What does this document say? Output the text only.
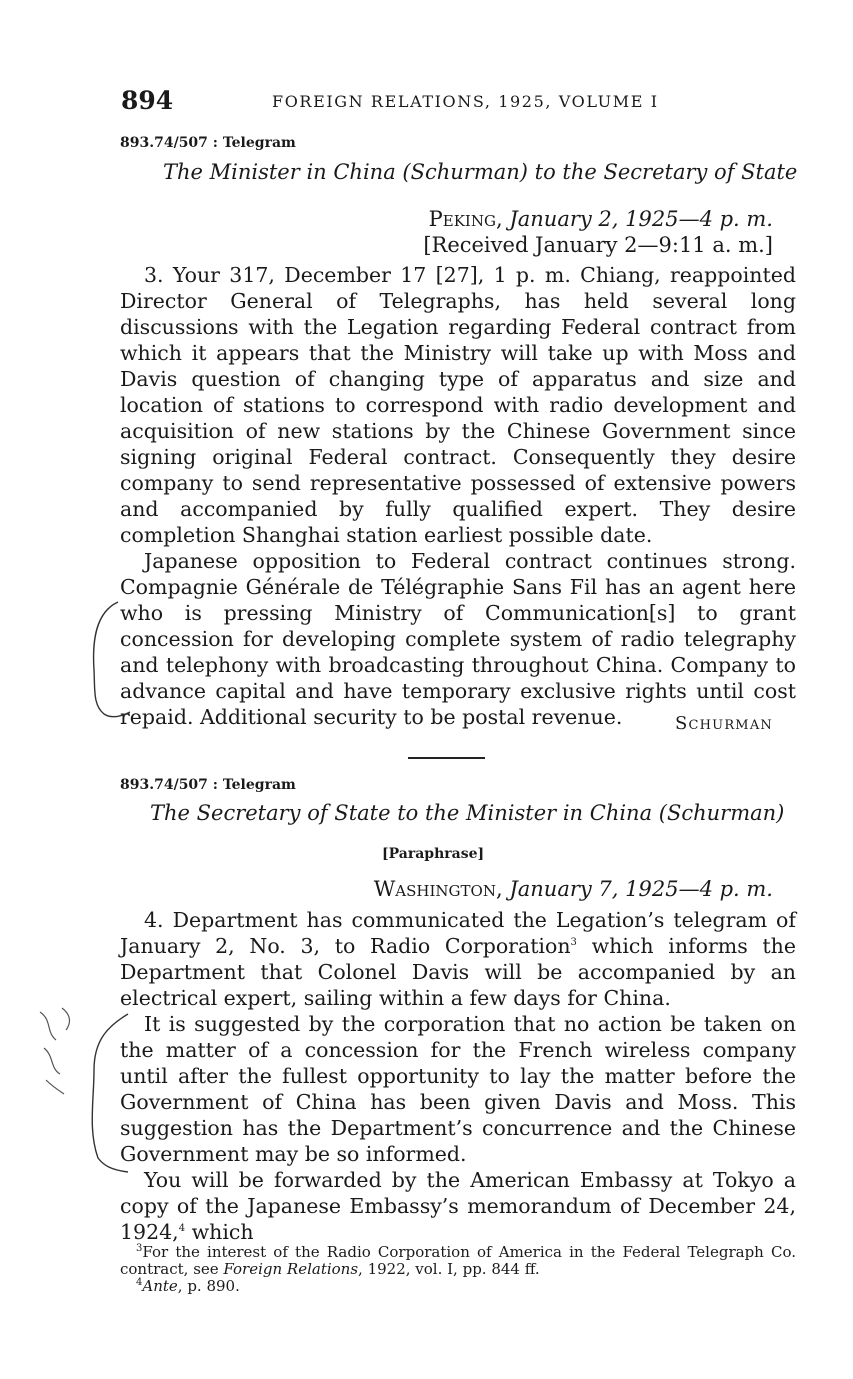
894	FOREIGN RELATIONS, 1925, VOLUME I
893.74/507 : Telegram
The Minister in China (Schurman) to the Secretary of State
Peking, January 2, 1925—4 p. m.
[Received January 2—9:11 a. m.]

3. Your 317, December 17 [27], 1 p. m. Chiang, reappointed Director General of Telegraphs, has held several long discussions with the Legation regarding Federal contract from which it appears that the Ministry will take up with Moss and Davis question of changing type of apparatus and size and location of stations to correspond with radio development and acquisition of new stations by the Chinese Government since signing original Federal contract. Consequently they desire company to send representative possessed of extensive powers and accompanied by fully qualified expert. They desire completion Shanghai station earliest possible date.

Japanese opposition to Federal contract continues strong. Compagnie Générale de Télégraphie Sans Fil has an agent here who is pressing Ministry of Communication[s] to grant concession for developing complete system of radio telegraphy and telephony with broadcasting throughout China. Company to advance capital and have temporary exclusive rights until cost repaid. Additional security to be postal revenue.	Schurman
893.74/507 : Telegram
The Secretary of State to the Minister in China (Schurman)
[Paraphrase]
Washington, January 7, 1925—4 p. m.

4. Department has communicated the Legation’s telegram of January 2, No. 3, to Radio Corporation$^3$ which informs the Department that Colonel Davis will be accompanied by an electrical expert, sailing within a few days for China.

It is suggested by the corporation that no action be taken on the matter of a concession for the French wireless company until after the fullest opportunity to lay the matter before the Government of China has been given Davis and Moss. This suggestion has the Department’s concurrence and the Chinese Government may be so informed.

You will be forwarded by the American Embassy at Tokyo a copy of the Japanese Embassy’s memorandum of December 24, 1924,$^4$ which

$^3$For the interest of the Radio Corporation of America in the Federal Telegraph Co. contract, see Foreign Relations, 1922, vol. I, pp. 844 ff.
$^4$Ante, p. 890.
